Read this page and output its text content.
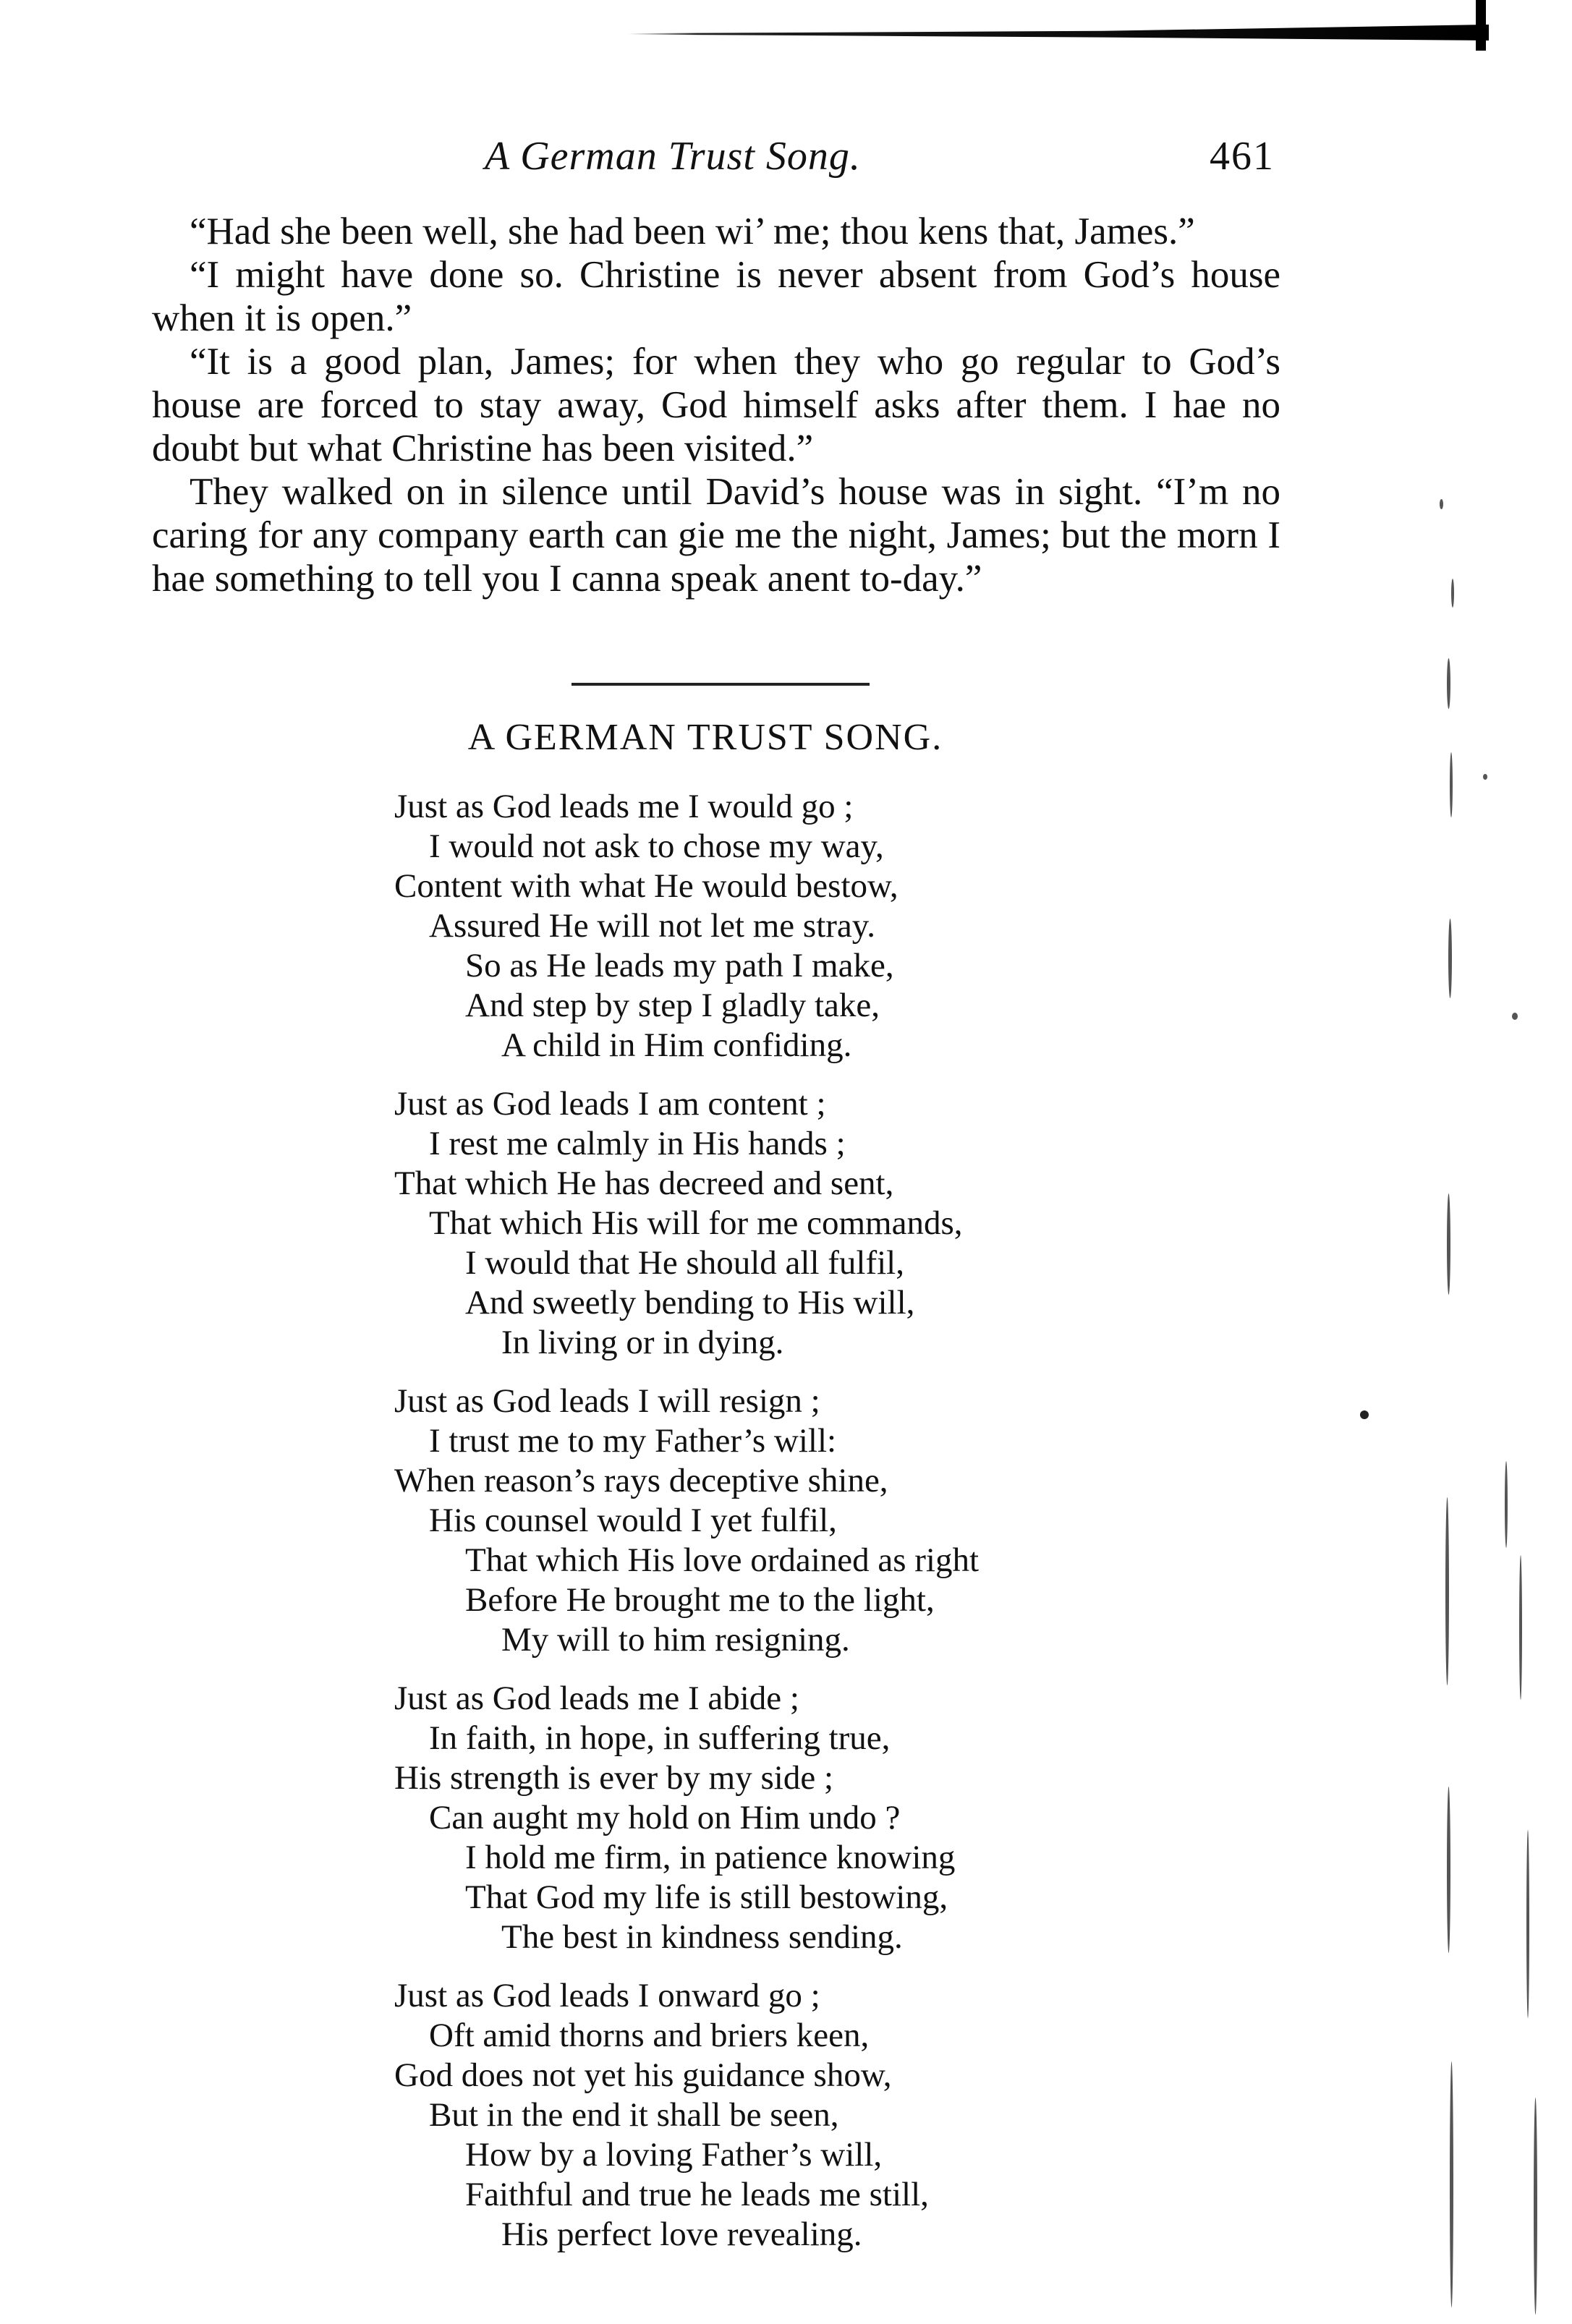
A German Trust Song.	461

“Had she been well, she had been wi’ me; thou kens that, James.”

“I might have done so. Christine is never absent from God’s house when it is open.”

“It is a good plan, James; for when they who go regular to God’s house are forced to stay away, God himself asks after them. I hae no doubt but what Christine has been visited.”

They walked on in silence until David’s house was in sight. “I’m no caring for any company earth can gie me the night, James; but the morn I hae something to tell you I canna speak anent to-day.”

A GERMAN TRUST SONG.
Just as God leads me I would go ;
I would not ask to chose my way,
Content with what He would bestow,
Assured He will not let me stray.
So as He leads my path I make,
And step by step I gladly take,
A child in Him confiding.
Just as God leads I am content ;
I rest me calmly in His hands ;
That which He has decreed and sent,
That which His will for me commands,
I would that He should all fulfil,
And sweetly bending to His will,
In living or in dying.
Just as God leads I will resign ;
I trust me to my Father’s will:
When reason’s rays deceptive shine,
His counsel would I yet fulfil,
That which His love ordained as right
Before He brought me to the light,
My will to him resigning.
Just as God leads me I abide ;
In faith, in hope, in suffering true,
His strength is ever by my side ;
Can aught my hold on Him undo ?
I hold me firm, in patience knowing
That God my life is still bestowing,
The best in kindness sending.
Just as God leads I onward go ;
Oft amid thorns and briers keen,
God does not yet his guidance show,
But in the end it shall be seen,
How by a loving Father’s will,
Faithful and true he leads me still,
His perfect love revealing.
